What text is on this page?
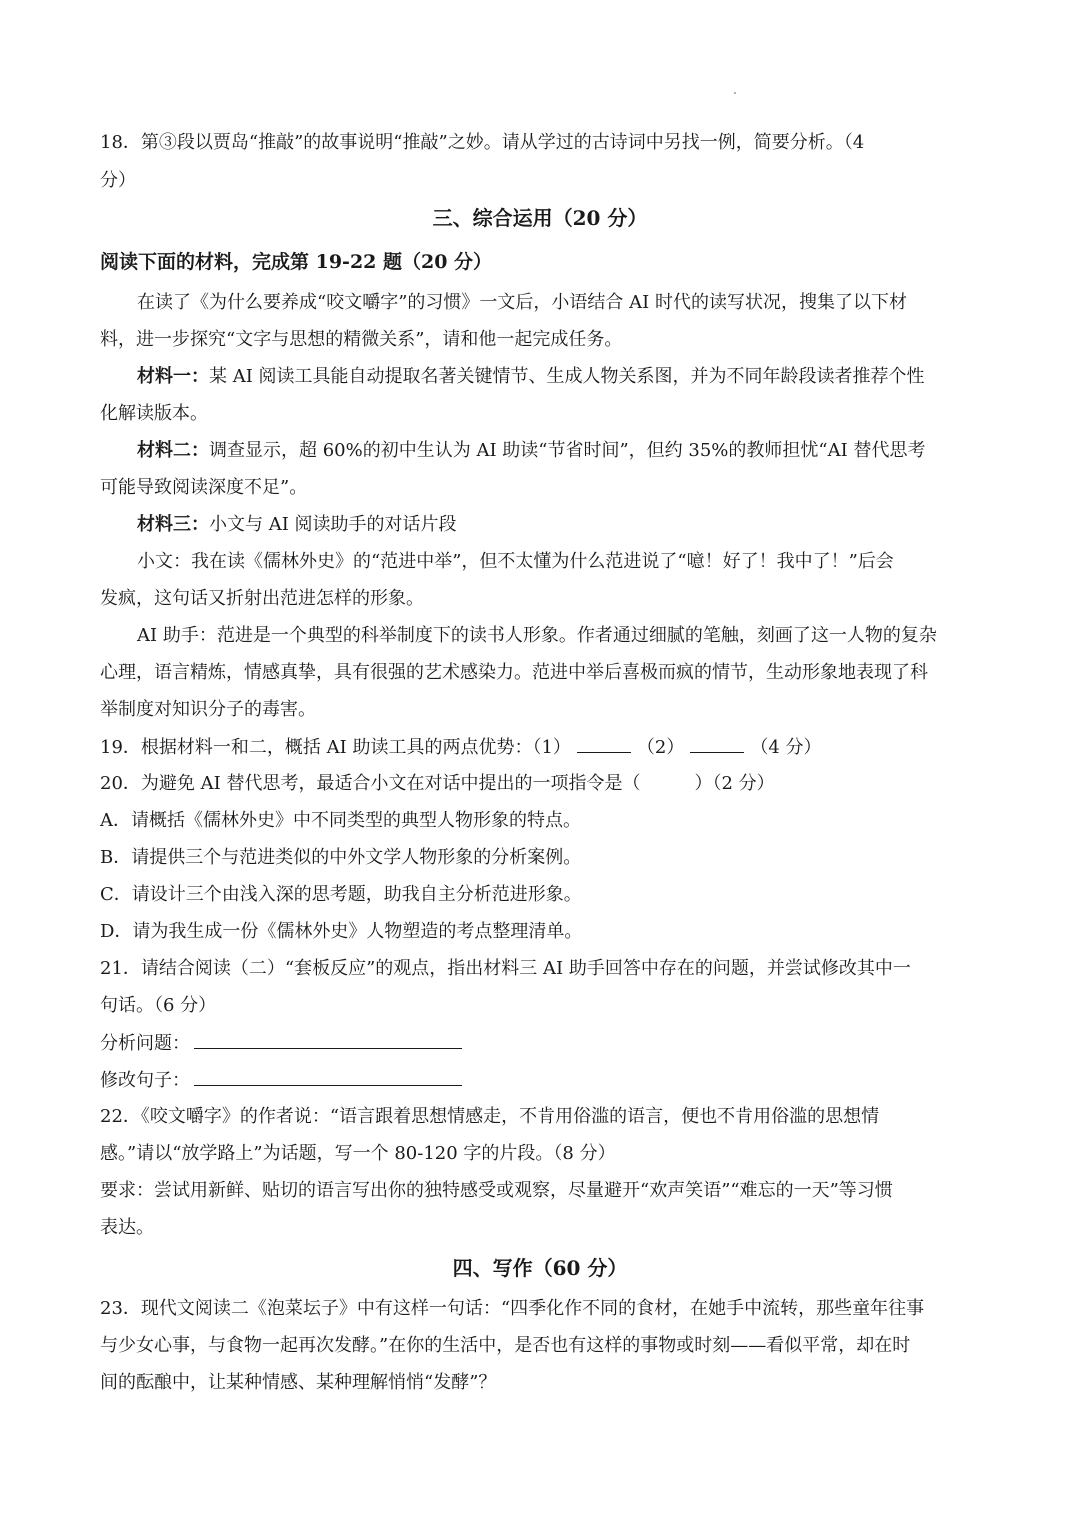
18．第③段以贾岛“推敲”的故事说明“推敲”之妙。请从学过的古诗词中另找一例，简要分析。（4
分）
三、综合运用（20 分）
阅读下面的材料，完成第 19-22 题（20 分）
在读了《为什么要养成“咬文嚼字”的习惯》一文后，小语结合 AI 时代的读写状况，搜集了以下材
料，进一步探究“文字与思想的精微关系”，请和他一起完成任务。
材料一：某 AI 阅读工具能自动提取名著关键情节、生成人物关系图，并为不同年龄段读者推荐个性
化解读版本。
材料二：调查显示，超 60%的初中生认为 AI 助读“节省时间”，但约 35%的教师担忧“AI 替代思考
可能导致阅读深度不足”。
材料三：小文与 AI 阅读助手的对话片段
小文：我在读《儒林外史》的“范进中举”，但不太懂为什么范进说了“噫！好了！我中了！”后会
发疯，这句话又折射出范进怎样的形象。
AI 助手：范进是一个典型的科举制度下的读书人形象。作者通过细腻的笔触，刻画了这一人物的复杂
心理，语言精炼，情感真挚，具有很强的艺术感染力。范进中举后喜极而疯的情节，生动形象地表现了科
举制度对知识分子的毒害。
19．根据材料一和二，概括 AI 助读工具的两点优势：（1）	（2）	（4 分）
20．为避免 AI 替代思考，最适合小文在对话中提出的一项指令是（　　　）（2 分）
A．请概括《儒林外史》中不同类型的典型人物形象的特点。
B．请提供三个与范进类似的中外文学人物形象的分析案例。
C．请设计三个由浅入深的思考题，助我自主分析范进形象。
D．请为我生成一份《儒林外史》人物塑造的考点整理清单。
21．请结合阅读（二）“套板反应”的观点，指出材料三 AI 助手回答中存在的问题，并尝试修改其中一
句话。（6 分）
分析问题：
修改句子：
22．《咬文嚼字》的作者说：“语言跟着思想情感走，不肯用俗滥的语言，便也不肯用俗滥的思想情
感。”请以“放学路上”为话题，写一个 80-120 字的片段。（8 分）
要求：尝试用新鲜、贴切的语言写出你的独特感受或观察，尽量避开“欢声笑语”“难忘的一天”等习惯
表达。
四、写作（60 分）
23．现代文阅读二《泡菜坛子》中有这样一句话：“四季化作不同的食材，在她手中流转，那些童年往事
与少女心事，与食物一起再次发酵。”在你的生活中，是否也有这样的事物或时刻——看似平常，却在时
间的酝酿中，让某种情感、某种理解悄悄“发酵”？
